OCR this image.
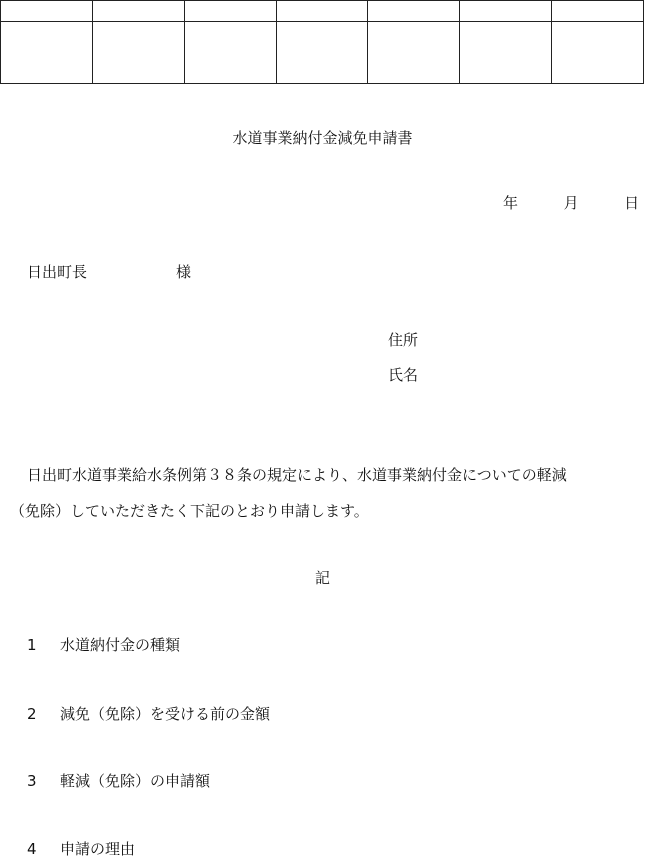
水道事業納付金減免申請書
年	月	日
日出町長	様
住所
氏名
日出町水道事業給水条例第３８条の規定により、水道事業納付金についての軽減
（免除）していただきたく下記のとおり申請します。
記
1 水道納付金の種類
2 減免（免除）を受ける前の金額
3 軽減（免除）の申請額
4 申請の理由
